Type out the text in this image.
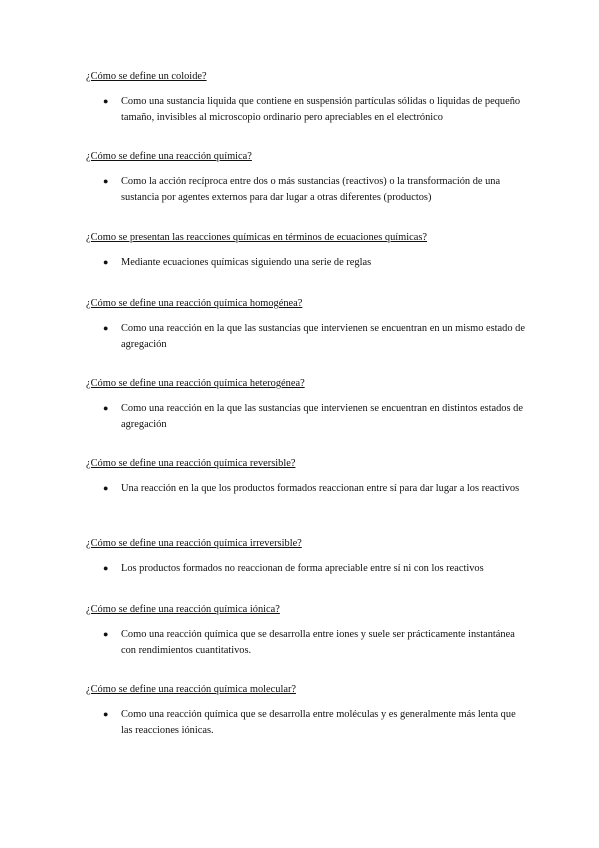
¿Cómo se define un coloide?
● Como una sustancia liquida que contiene en suspensión partículas sólidas o liquidas de pequeño tamaño, invisibles al microscopio ordinario pero apreciables en el electrónico
¿Cómo se define una reacción química?
● Como la acción recíproca entre dos o más sustancias (reactivos) o la transformación de una sustancia por agentes externos para dar lugar a otras diferentes (productos)
¿Como se presentan las reacciones químicas en términos de ecuaciones químicas?
● Mediante ecuaciones químicas siguiendo una serie de reglas
¿Cómo se define una reacción química homogénea?
● Como una reacción en la que las sustancias que intervienen se encuentran en un mismo estado de agregación
¿Cómo se define una reacción química heterogénea?
● Como una reacción en la que las sustancias que intervienen se encuentran en distintos estados de agregación
¿Cómo se define una reacción química reversible?
● Una reacción en la que los productos formados reaccionan entre sí para dar lugar a los reactivos
¿Cómo se define una reacción química irreversible?
● Los productos formados no reaccionan de forma apreciable entre sí ni con los reactivos
¿Cómo se define una reacción química iónica?
● Como una reacción química que se desarrolla entre iones y suele ser prácticamente instantánea con rendimientos cuantitativos.
¿Cómo se define una reacción química molecular?
● Como una reacción química que se desarrolla entre moléculas y es generalmente más lenta que las reacciones iónicas.
